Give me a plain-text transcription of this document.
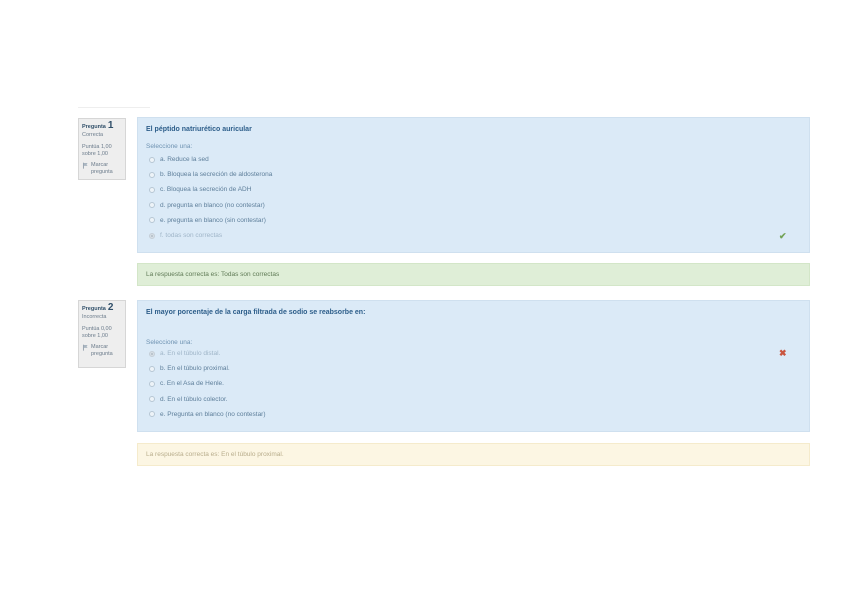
Pregunta 1
Correcta
Puntúa 1,00 sobre 1,00
Marcar pregunta
El péptido natriurético auricular
Seleccione una:
a. Reduce la sed
b. Bloquea la secreción de aldosterona
c. Bloquea la secreción de ADH
d. pregunta en blanco (no contestar)
e. pregunta en blanco (sin contestar)
f. todas son correctas	✔
La respuesta correcta es: Todas son correctas
Pregunta 2
Incorrecta
Puntúa 0,00 sobre 1,00
Marcar pregunta
El mayor porcentaje de la carga filtrada de sodio se reabsorbe en:
Seleccione una:
a. En el túbulo distal.
b. En el túbulo proximal.
c. En el Asa de Henle.
d. En el túbulo colector.
e. Pregunta en blanco (no contestar)
✖
La respuesta correcta es: En el túbulo proximal.
